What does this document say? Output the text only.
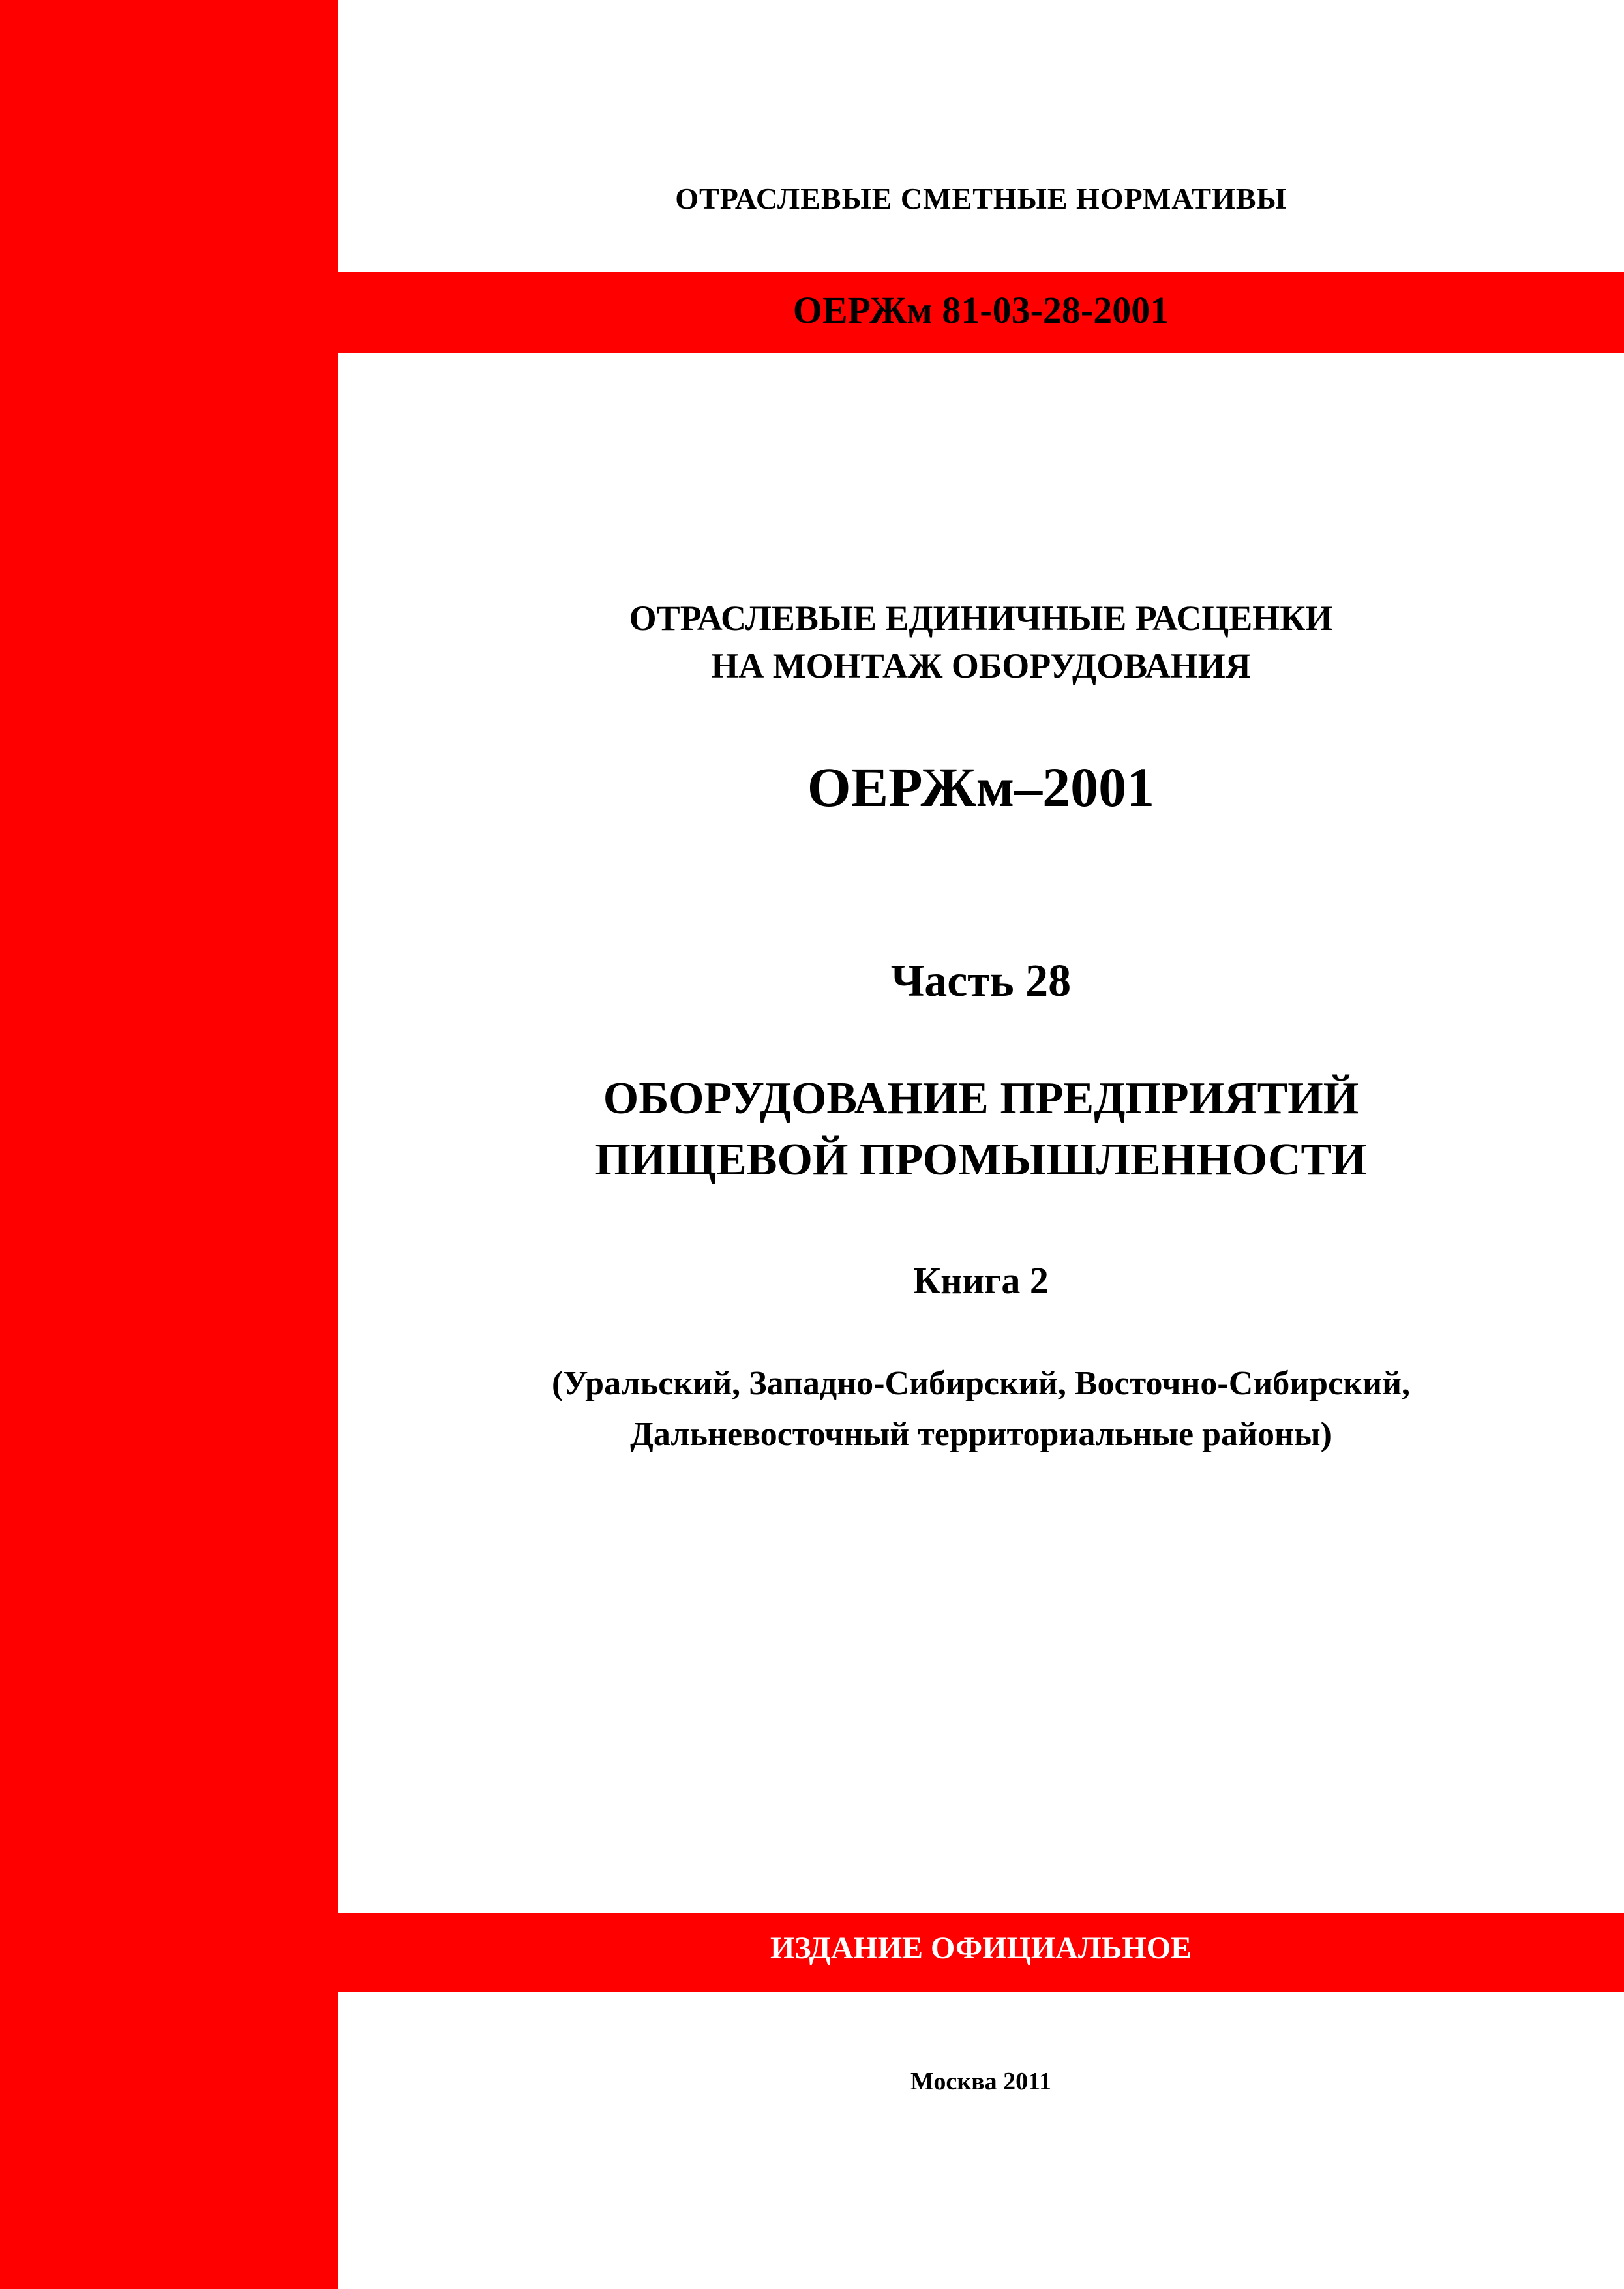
ОТРАСЛЕВЫЕ СМЕТНЫЕ НОРМАТИВЫ
ОЕРЖм 81-03-28-2001
ОТРАСЛЕВЫЕ ЕДИНИЧНЫЕ РАСЦЕНКИ
НА МОНТАЖ ОБОРУДОВАНИЯ
ОЕРЖм–2001
Часть 28
ОБОРУДОВАНИЕ ПРЕДПРИЯТИЙ
ПИЩЕВОЙ ПРОМЫШЛЕННОСТИ
Книга 2
(Уральский, Западно-Сибирский, Восточно-Сибирский,
Дальневосточный территориальные районы)
ИЗДАНИЕ ОФИЦИАЛЬНОЕ
Москва 2011
